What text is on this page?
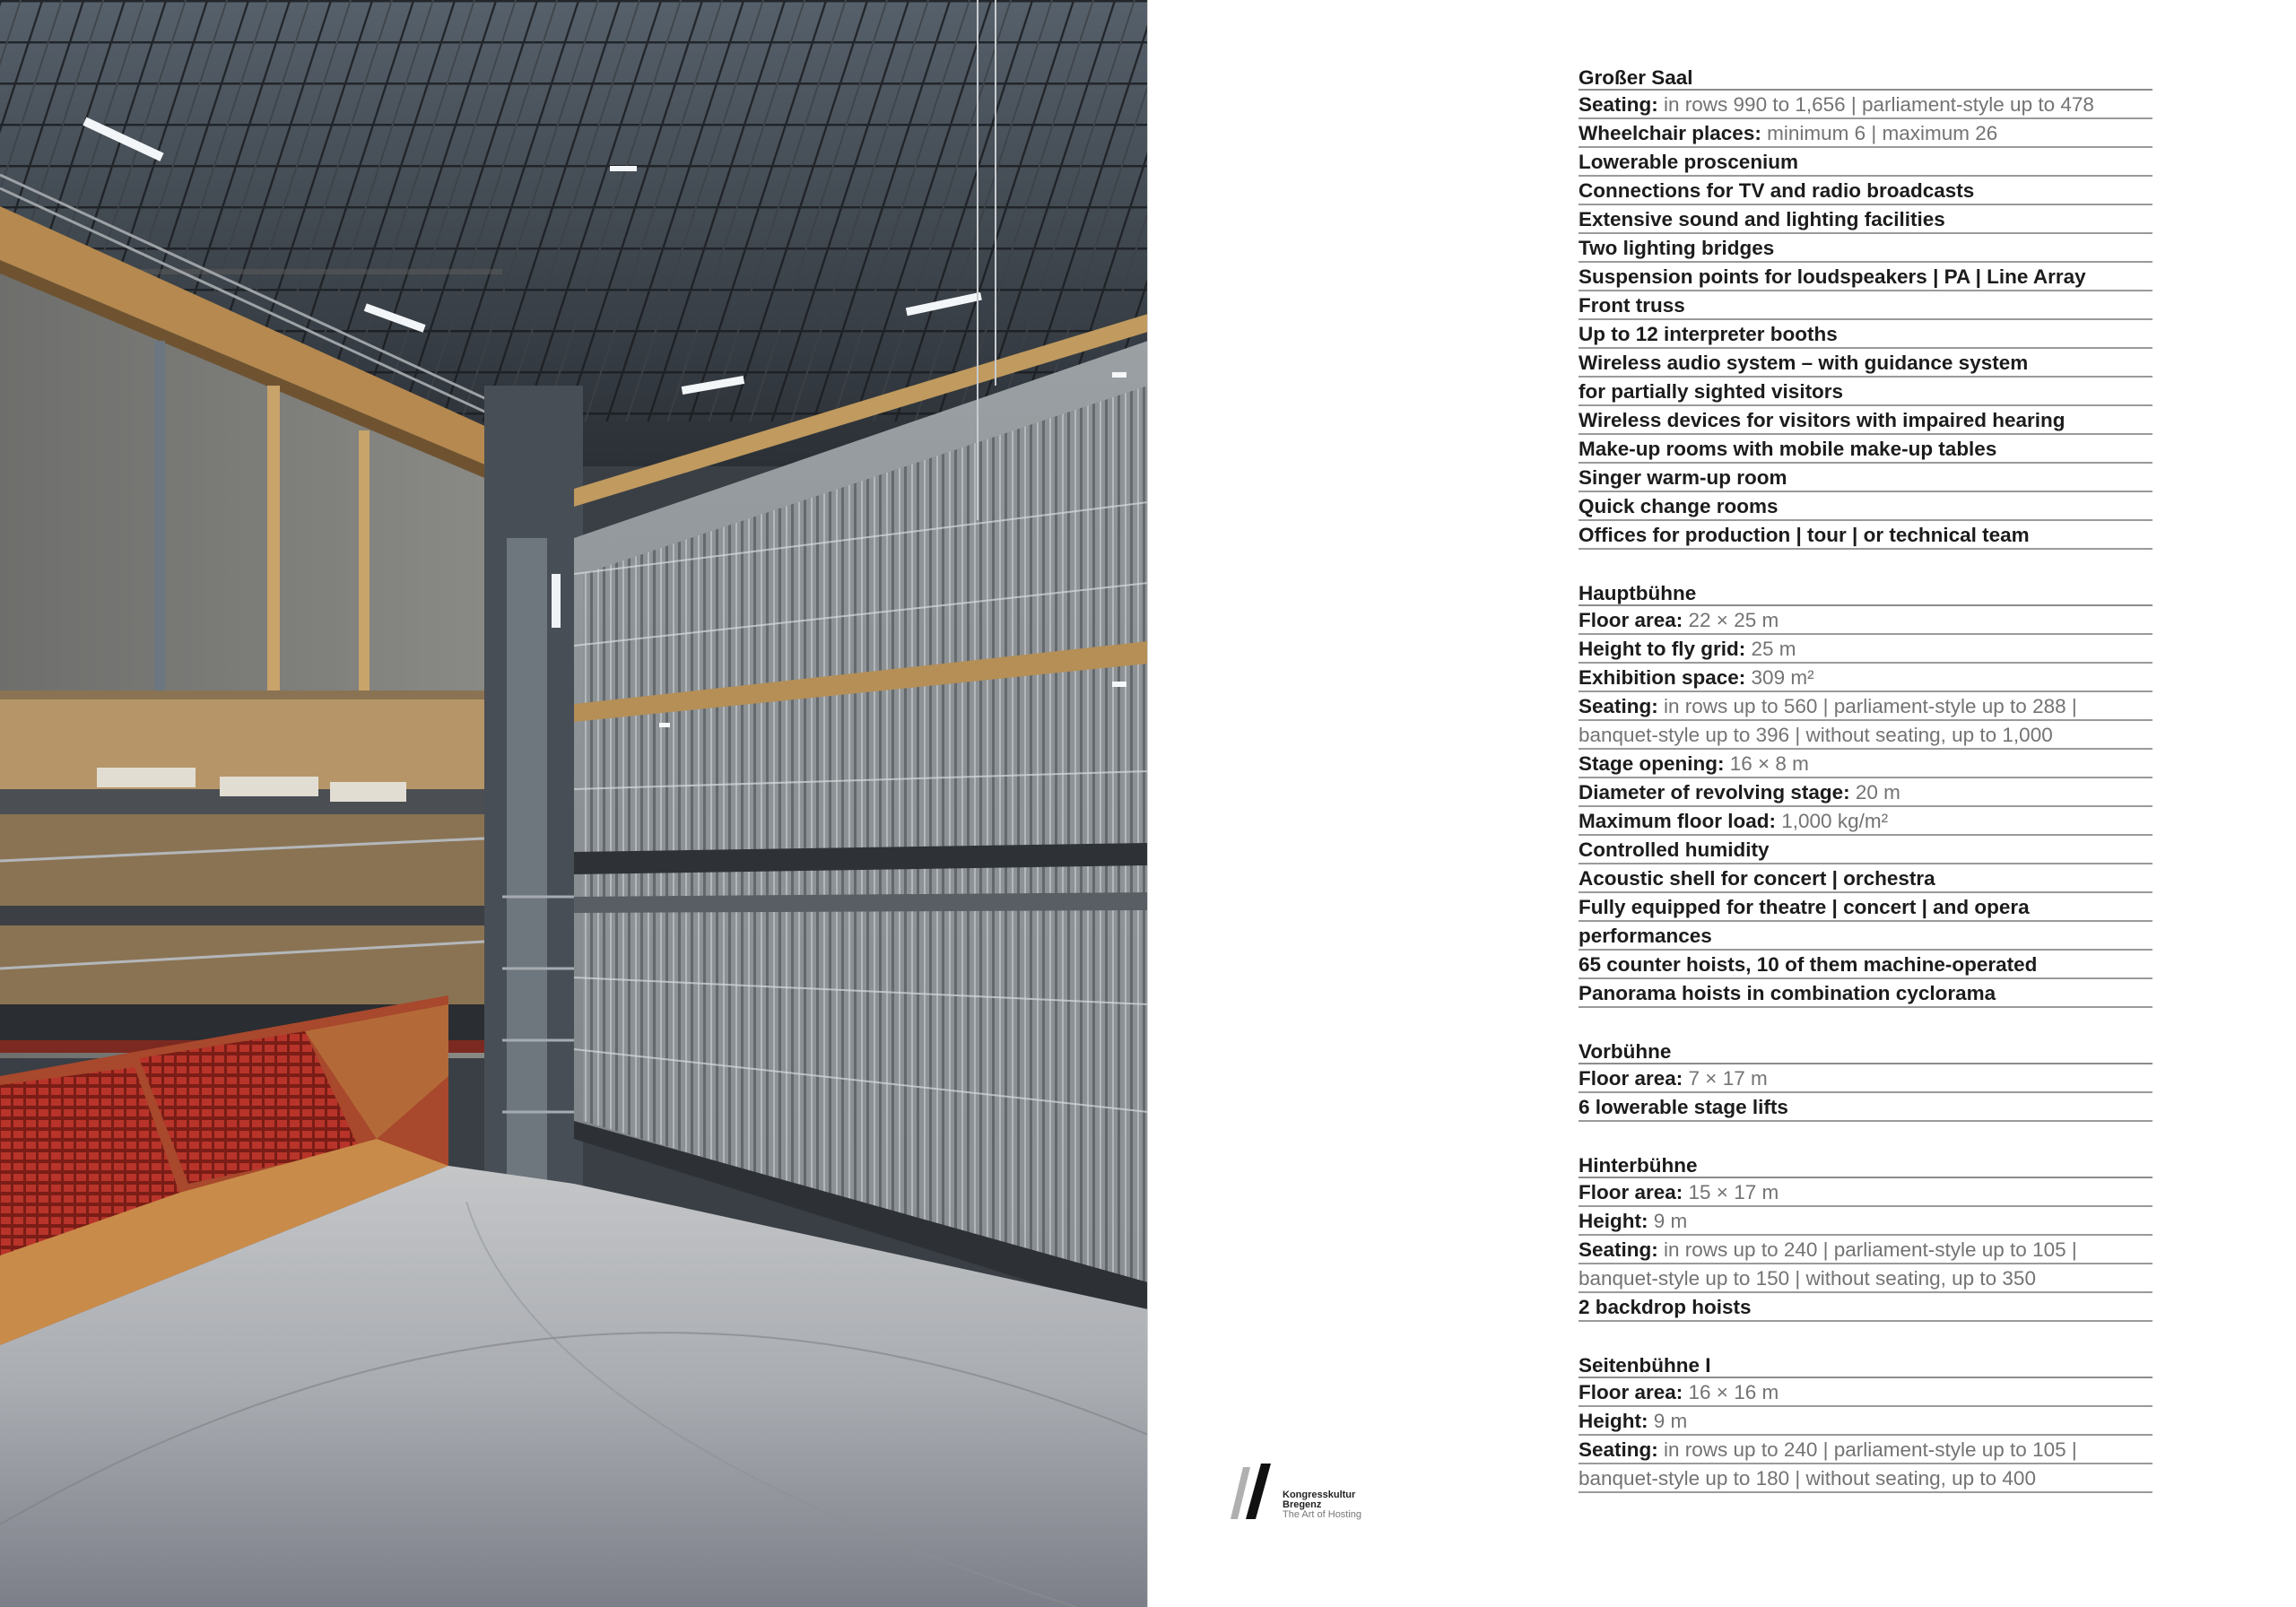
Kongresskultur
Bregenz
The Art of Hosting
Großer Saal
Seating: in rows 990 to 1,656 | parliament-style up to 478
Wheelchair places: minimum 6 | maximum 26
Lowerable proscenium
Connections for TV and radio broadcasts
Extensive sound and lighting facilities
Two lighting bridges
Suspension points for loudspeakers | PA | Line Array
Front truss
Up to 12 interpreter booths
Wireless audio system – with guidance system
for partially sighted visitors
Wireless devices for visitors with impaired hearing
Make-up rooms with mobile make-up tables
Singer warm-up room
Quick change rooms
Offices for production | tour | or technical team
Hauptbühne
Floor area: 22 × 25 m
Height to fly grid: 25 m
Exhibition space: 309 m²
Seating: in rows up to 560 | parliament-style up to 288 |
banquet-style up to 396 | without seating, up to 1,000
Stage opening: 16 × 8 m
Diameter of revolving stage: 20 m
Maximum floor load: 1,000 kg/m²
Controlled humidity
Acoustic shell for concert | orchestra
Fully equipped for theatre | concert | and opera
performances
65 counter hoists, 10 of them machine-operated
Panorama hoists in combination cyclorama
Vorbühne
Floor area: 7 × 17 m
6 lowerable stage lifts
Hinterbühne
Floor area: 15 × 17 m
Height: 9 m
Seating: in rows up to 240 | parliament-style up to 105 |
banquet-style up to 150 | without seating, up to 350
2 backdrop hoists
Seitenbühne I
Floor area: 16 × 16 m
Height: 9 m
Seating: in rows up to 240 | parliament-style up to 105 |
banquet-style up to 180 | without seating, up to 400
